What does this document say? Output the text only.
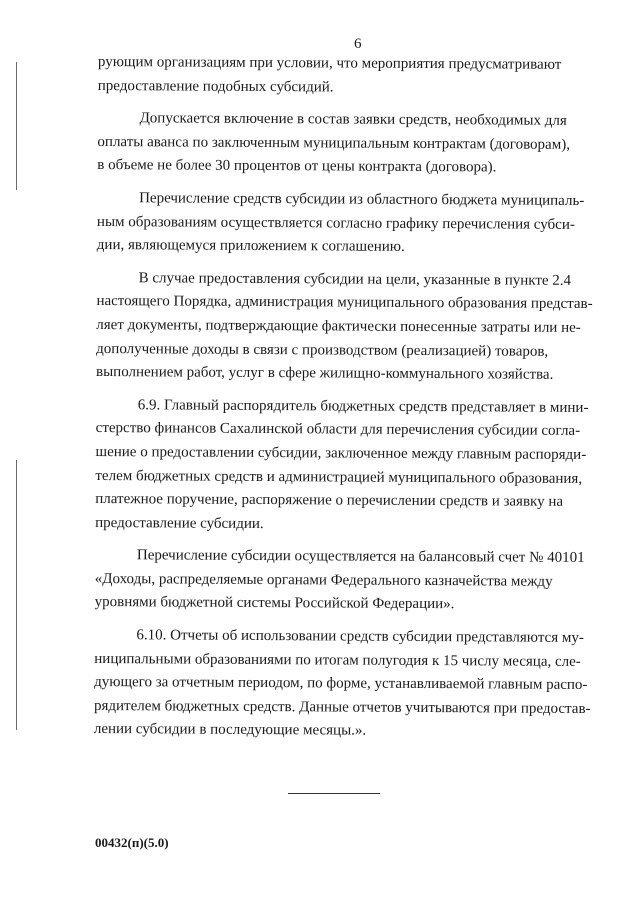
6

рующим организациям при условии, что мероприятия предусматривают
предоставление подобных субсидий.

Допускается включение в состав заявки средств, необходимых для
оплаты аванса по заключенным муниципальным контрактам (договорам),
в объеме не более 30 процентов от цены контракта (договора).

Перечисление средств субсидии из областного бюджета муниципаль-
ным образованиям осуществляется согласно графику перечисления субси-
дии, являющемуся приложением к соглашению.

В случае предоставления субсидии на цели, указанные в пункте 2.4
настоящего Порядка, администрация муниципального образования представ-
ляет документы, подтверждающие фактически понесенные затраты или не-
дополученные доходы в связи с производством (реализацией) товаров,
выполнением работ, услуг в сфере жилищно-коммунального хозяйства.

6.9. Главный распорядитель бюджетных средств представляет в мини-
стерство финансов Сахалинской области для перечисления субсидии согла-
шение о предоставлении субсидии, заключенное между главным распоряди-
телем бюджетных средств и администрацией муниципального образования,
платежное поручение, распоряжение о перечислении средств и заявку на
предоставление субсидии.

Перечисление субсидии осуществляется на балансовый счет № 40101
«Доходы, распределяемые органами Федерального казначейства между
уровнями бюджетной системы Российской Федерации».

6.10. Отчеты об использовании средств субсидии представляются му-
ниципальными образованиями по итогам полугодия к 15 числу месяца, сле-
дующего за отчетным периодом, по форме, устанавливаемой главным распо-
рядителем бюджетных средств. Данные отчетов учитываются при предостав-
лении субсидии в последующие месяцы.».

00432(п)(5.0)
